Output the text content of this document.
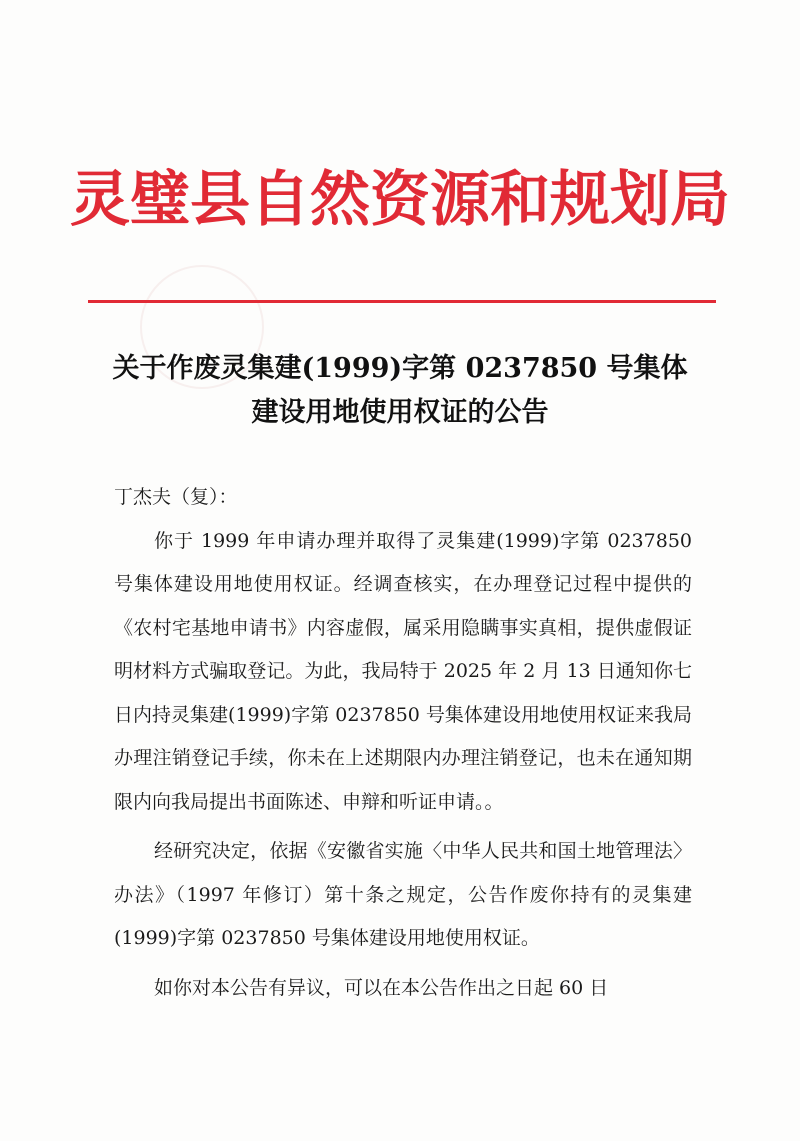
灵璧县自然资源和规划局
关于作废灵集建(1999)字第 0237850 号集体
建设用地使用权证的公告

丁杰夫（复）：

你于 1999 年申请办理并取得了灵集建(1999)字第 0237850 号集体建设用地使用权证。经调查核实，在办理登记过程中提供的《农村宅基地申请书》内容虚假，属采用隐瞒事实真相，提供虚假证明材料方式骗取登记。为此，我局特于 2025 年 2 月 13 日通知你七日内持灵集建(1999)字第 0237850 号集体建设用地使用权证来我局办理注销登记手续，你未在上述期限内办理注销登记，也未在通知期限内向我局提出书面陈述、申辩和听证申请。。

经研究决定，依据《安徽省实施〈中华人民共和国土地管理法〉办法》（1997 年修订）第十条之规定，公告作废你持有的灵集建(1999)字第 0237850 号集体建设用地使用权证。

如你对本公告有异议，可以在本公告作出之日起 60 日
